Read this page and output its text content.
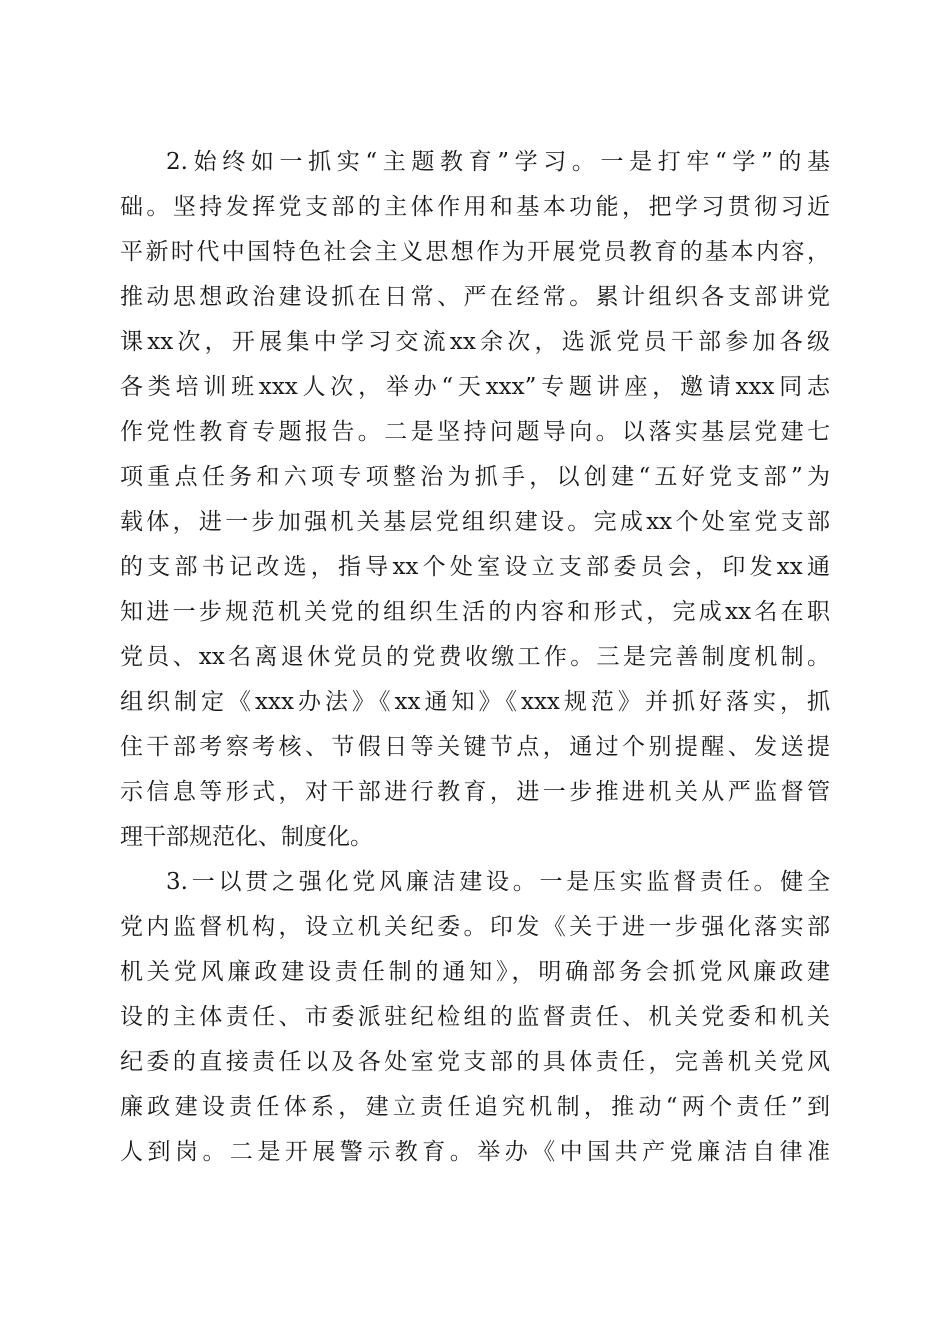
2.始终如一抓实“主题教育”学习。一是打牢“学”的基
础。坚持发挥党支部的主体作用和基本功能，把学习贯彻习近
平新时代中国特色社会主义思想作为开展党员教育的基本内容，
推动思想政治建设抓在日常、严在经常。累计组织各支部讲党
课xx次，开展集中学习交流xx余次，选派党员干部参加各级
各类培训班xxx人次，举办“天xxx”专题讲座，邀请xxx同志
作党性教育专题报告。二是坚持问题导向。以落实基层党建七
项重点任务和六项专项整治为抓手，以创建“五好党支部”为
载体，进一步加强机关基层党组织建设。完成xx个处室党支部
的支部书记改选，指导xx个处室设立支部委员会，印发xx通
知进一步规范机关党的组织生活的内容和形式，完成xx名在职
党员、xx名离退休党员的党费收缴工作。三是完善制度机制。
组织制定《xxx办法》《xx通知》《xxx规范》并抓好落实，抓
住干部考察考核、节假日等关键节点，通过个别提醒、发送提
示信息等形式，对干部进行教育，进一步推进机关从严监督管
理干部规范化、制度化。
3.一以贯之强化党风廉洁建设。一是压实监督责任。健全
党内监督机构，设立机关纪委。印发《关于进一步强化落实部
机关党风廉政建设责任制的通知》，明确部务会抓党风廉政建
设的主体责任、市委派驻纪检组的监督责任、机关党委和机关
纪委的直接责任以及各处室党支部的具体责任，完善机关党风
廉政建设责任体系，建立责任追究机制，推动“两个责任”到
人到岗。二是开展警示教育。举办《中国共产党廉洁自律准
